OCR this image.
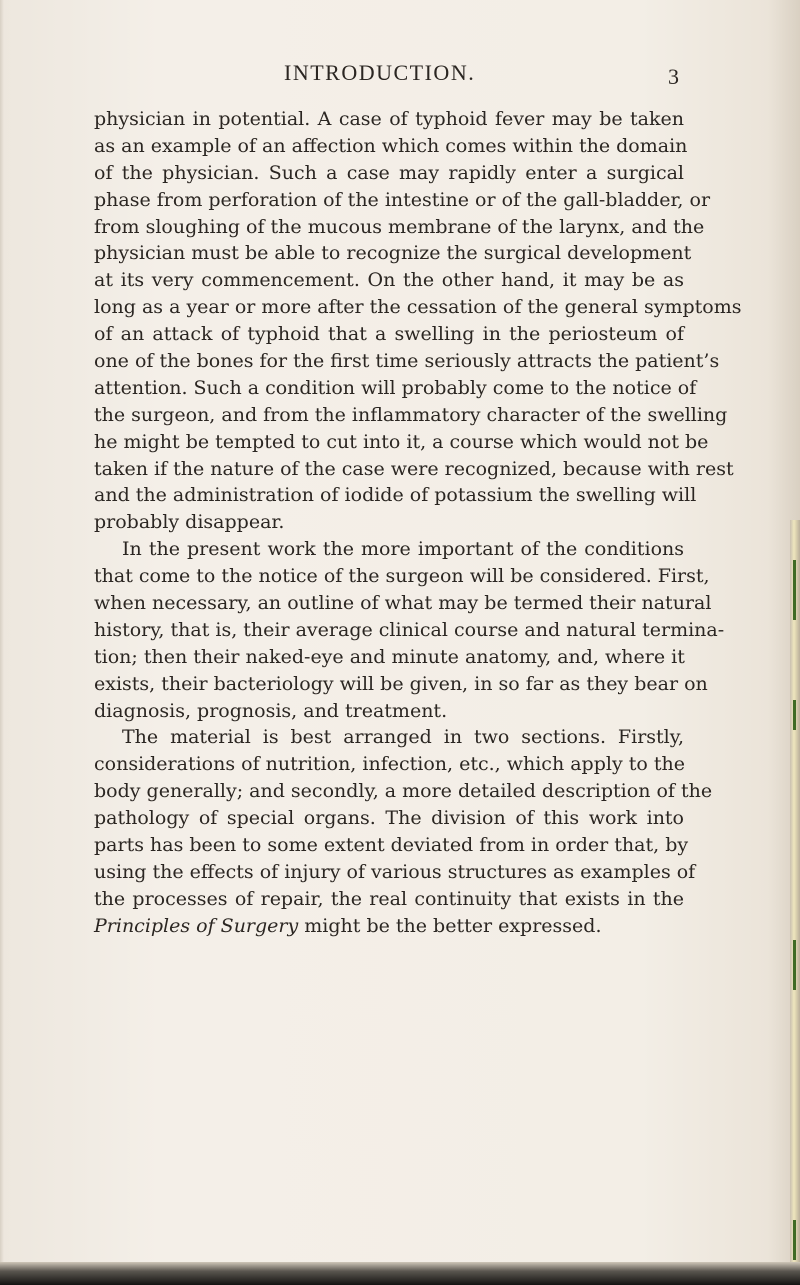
INTRODUCTION.	3
physician in potential. A case of typhoid fever may be taken
as an example of an affection which comes within the domain
of the physician. Such a case may rapidly enter a surgical
phase from perforation of the intestine or of the gall-bladder, or
from sloughing of the mucous membrane of the larynx, and the
physician must be able to recognize the surgical development
at its very commencement. On the other hand, it may be as
long as a year or more after the cessation of the general symptoms
of an attack of typhoid that a swelling in the periosteum of
one of the bones for the first time seriously attracts the patient’s
attention. Such a condition will probably come to the notice of
the surgeon, and from the inflammatory character of the swelling
he might be tempted to cut into it, a course which would not be
taken if the nature of the case were recognized, because with rest
and the administration of iodide of potassium the swelling will
probably disappear.
In the present work the more important of the conditions
that come to the notice of the surgeon will be considered. First,
when necessary, an outline of what may be termed their natural
history, that is, their average clinical course and natural termina-
tion; then their naked-eye and minute anatomy, and, where it
exists, their bacteriology will be given, in so far as they bear on
diagnosis, prognosis, and treatment.
The material is best arranged in two sections. Firstly,
considerations of nutrition, infection, etc., which apply to the
body generally; and secondly, a more detailed description of the
pathology of special organs. The division of this work into
parts has been to some extent deviated from in order that, by
using the effects of injury of various structures as examples of
the processes of repair, the real continuity that exists in the
Principles of Surgery might be the better expressed.
